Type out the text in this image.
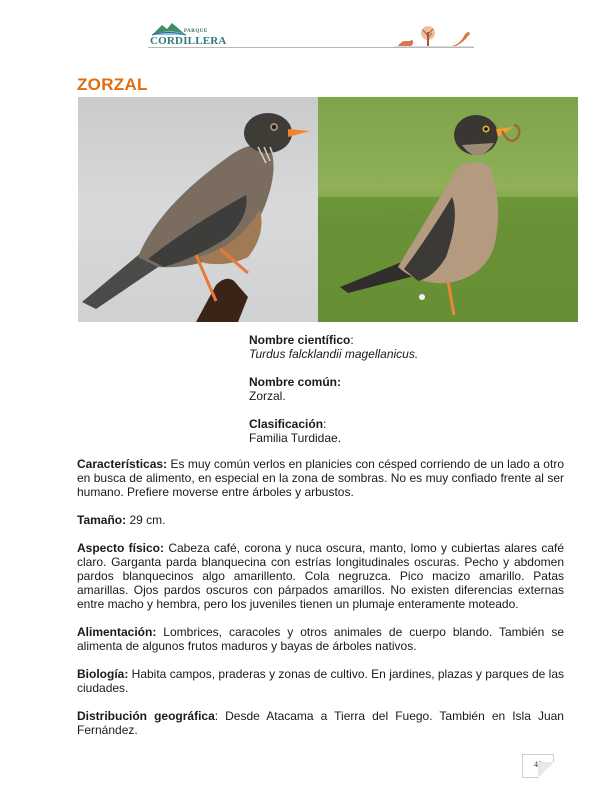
PARQUE
CORDILLERA
ZORZAL
Nombre científico:
Turdus falcklandii magellanicus.
Nombre común:
Zorzal.
Clasificación:
Familia Turdidae.

Características: Es muy común verlos en planicies con césped corriendo de un lado a otro en busca de alimento, en especial en la zona de sombras. No es muy confiado frente al ser humano. Prefiere moverse entre árboles y arbustos.

Tamaño: 29 cm.

Aspecto físico: Cabeza café, corona y nuca oscura, manto, lomo y cubiertas alares café claro. Garganta parda blanquecina con estrías longitudinales oscuras. Pecho y abdomen pardos blanquecinos algo amarillento. Cola negruzca. Pico macizo amarillo. Patas amarillas. Ojos pardos oscuros con párpados amarillos. No existen diferencias externas entre macho y hembra, pero los juveniles tienen un plumaje enteramente moteado.

Alimentación: Lombrices, caracoles y otros animales de cuerpo blando. También se alimenta de algunos frutos maduros y bayas de árboles nativos.

Biología: Habita campos, praderas y zonas de cultivo. En jardines, plazas y parques de las ciudades.

Distribución geográfica: Desde Atacama a Tierra del Fuego. También en Isla Juan Fernández.

49
